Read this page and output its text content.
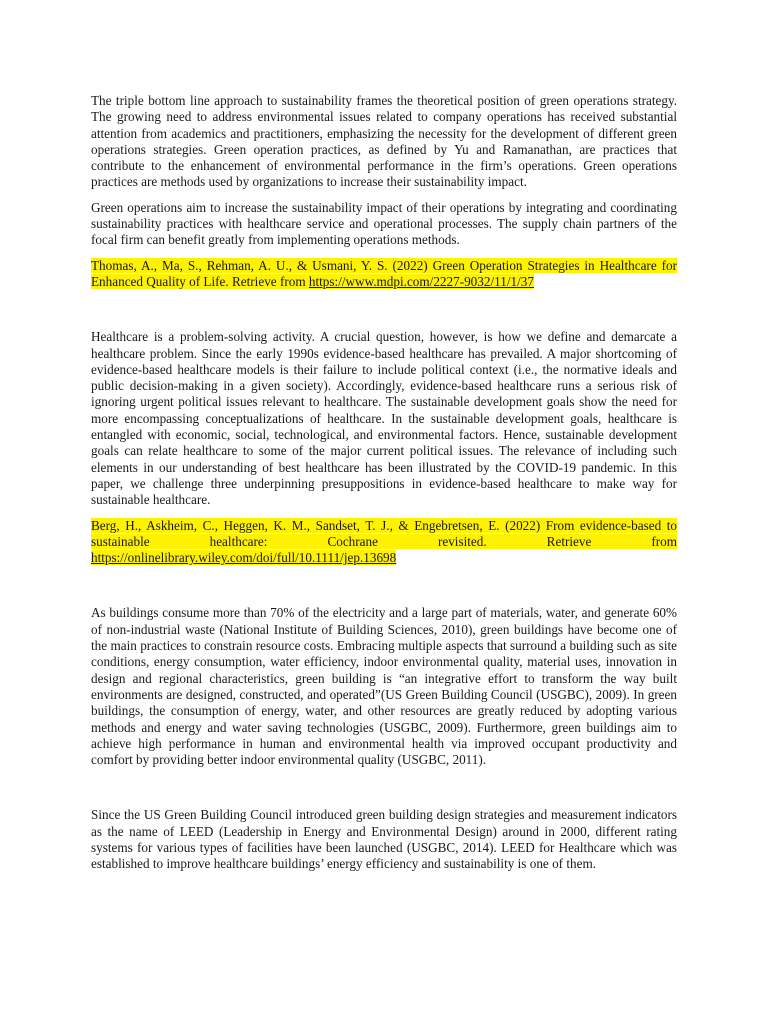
The triple bottom line approach to sustainability frames the theoretical position of green operations strategy. The growing need to address environmental issues related to company operations has received substantial attention from academics and practitioners, emphasizing the necessity for the development of different green operations strategies. Green operation practices, as defined by Yu and Ramanathan, are practices that contribute to the enhancement of environmental performance in the firm’s operations. Green operations practices are methods used by organizations to increase their sustainability impact.

Green operations aim to increase the sustainability impact of their operations by integrating and coordinating sustainability practices with healthcare service and operational processes. The supply chain partners of the focal firm can benefit greatly from implementing operations methods.

Thomas, A., Ma, S., Rehman, A. U., & Usmani, Y. S. (2022) Green Operation Strategies in Healthcare for Enhanced Quality of Life. Retrieve from https://www.mdpi.com/2227-9032/11/1/37

Healthcare is a problem-solving activity. A crucial question, however, is how we define and demarcate a healthcare problem. Since the early 1990s evidence-based healthcare has prevailed. A major shortcoming of evidence-based healthcare models is their failure to include political context (i.e., the normative ideals and public decision-making in a given society). Accordingly, evidence-based healthcare runs a serious risk of ignoring urgent political issues relevant to healthcare. The sustainable development goals show the need for more encompassing conceptualizations of healthcare. In the sustainable development goals, healthcare is entangled with economic, social, technological, and environmental factors. Hence, sustainable development goals can relate healthcare to some of the major current political issues. The relevance of including such elements in our understanding of best healthcare has been illustrated by the COVID-19 pandemic. In this paper, we challenge three underpinning presuppositions in evidence-based healthcare to make way for sustainable healthcare.

Berg, H., Askheim, C., Heggen, K. M., Sandset, T. J., & Engebretsen, E. (2022) From evidence-based to sustainable healthcare: Cochrane revisited. Retrieve from https://onlinelibrary.wiley.com/doi/full/10.1111/jep.13698

As buildings consume more than 70% of the electricity and a large part of materials, water, and generate 60% of non-industrial waste (National Institute of Building Sciences, 2010), green buildings have become one of the main practices to constrain resource costs. Embracing multiple aspects that surround a building such as site conditions, energy consumption, water efficiency, indoor environmental quality, material uses, innovation in design and regional characteristics, green building is “an integrative effort to transform the way built environments are designed, constructed, and operated”(US Green Building Council (USGBC), 2009). In green buildings, the consumption of energy, water, and other resources are greatly reduced by adopting various methods and energy and water saving technologies (USGBC, 2009). Furthermore, green buildings aim to achieve high performance in human and environmental health via improved occupant productivity and comfort by providing better indoor environmental quality (USGBC, 2011).

Since the US Green Building Council introduced green building design strategies and measurement indicators as the name of LEED (Leadership in Energy and Environmental Design) around in 2000, different rating systems for various types of facilities have been launched (USGBC, 2014). LEED for Healthcare which was established to improve healthcare buildings’ energy efficiency and sustainability is one of them.
